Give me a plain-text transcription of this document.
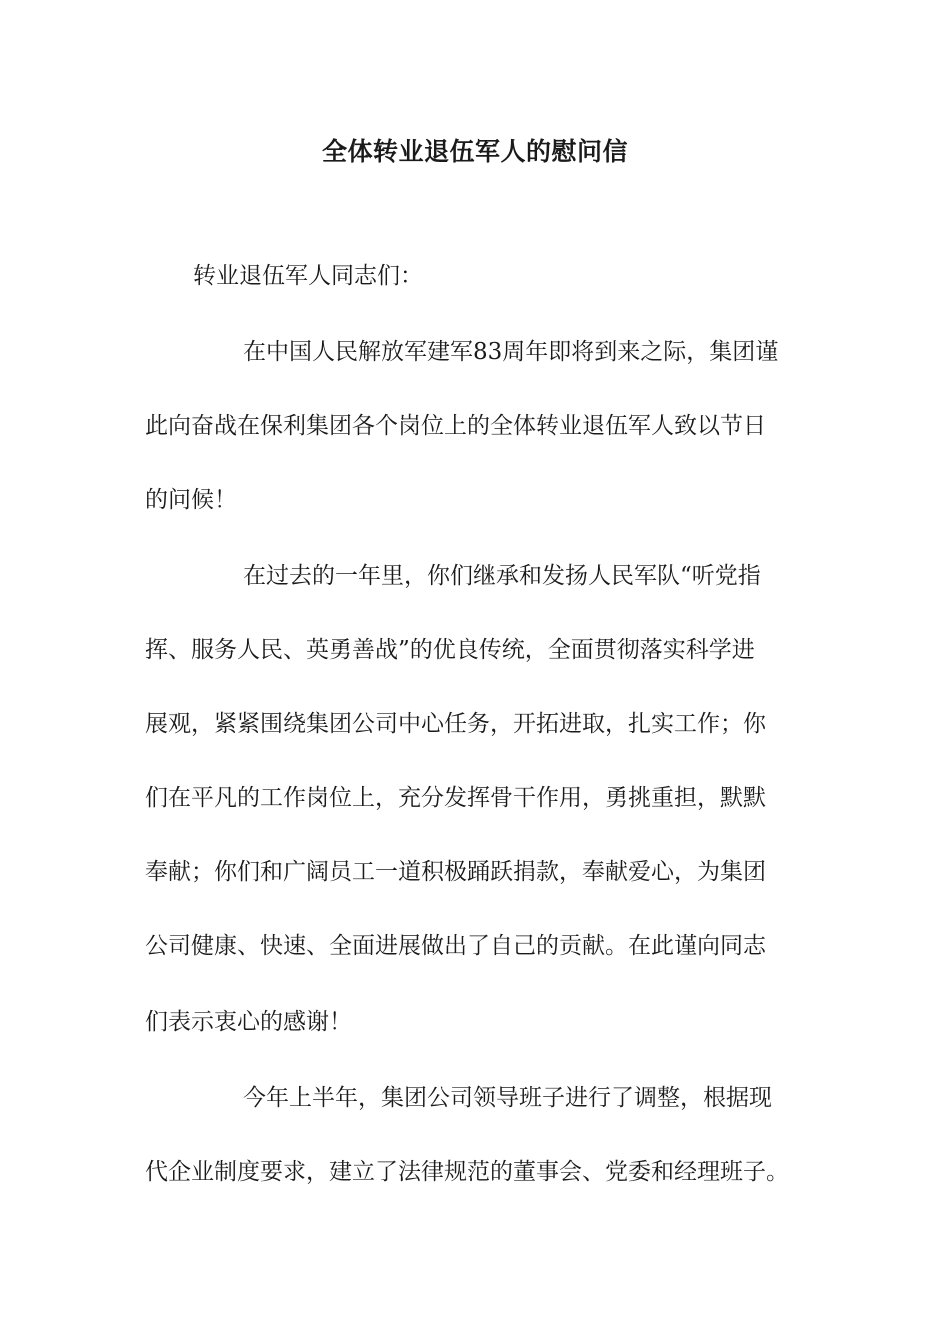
全体转业退伍军人的慰问信
转业退伍军人同志们：
在中国人民解放军建军83周年即将到来之际，集团谨
此向奋战在保利集团各个岗位上的全体转业退伍军人致以节日
的问候！
在过去的一年里，你们继承和发扬人民军队“听党指
挥、服务人民、英勇善战”的优良传统，全面贯彻落实科学进
展观，紧紧围绕集团公司中心任务，开拓进取，扎实工作；你
们在平凡的工作岗位上，充分发挥骨干作用，勇挑重担，默默
奉献；你们和广阔员工一道积极踊跃捐款，奉献爱心，为集团
公司健康、快速、全面进展做出了自己的贡献。在此谨向同志
们表示衷心的感谢！
今年上半年，集团公司领导班子进行了调整，根据现
代企业制度要求，建立了法律规范的董事会、党委和经理班子。
